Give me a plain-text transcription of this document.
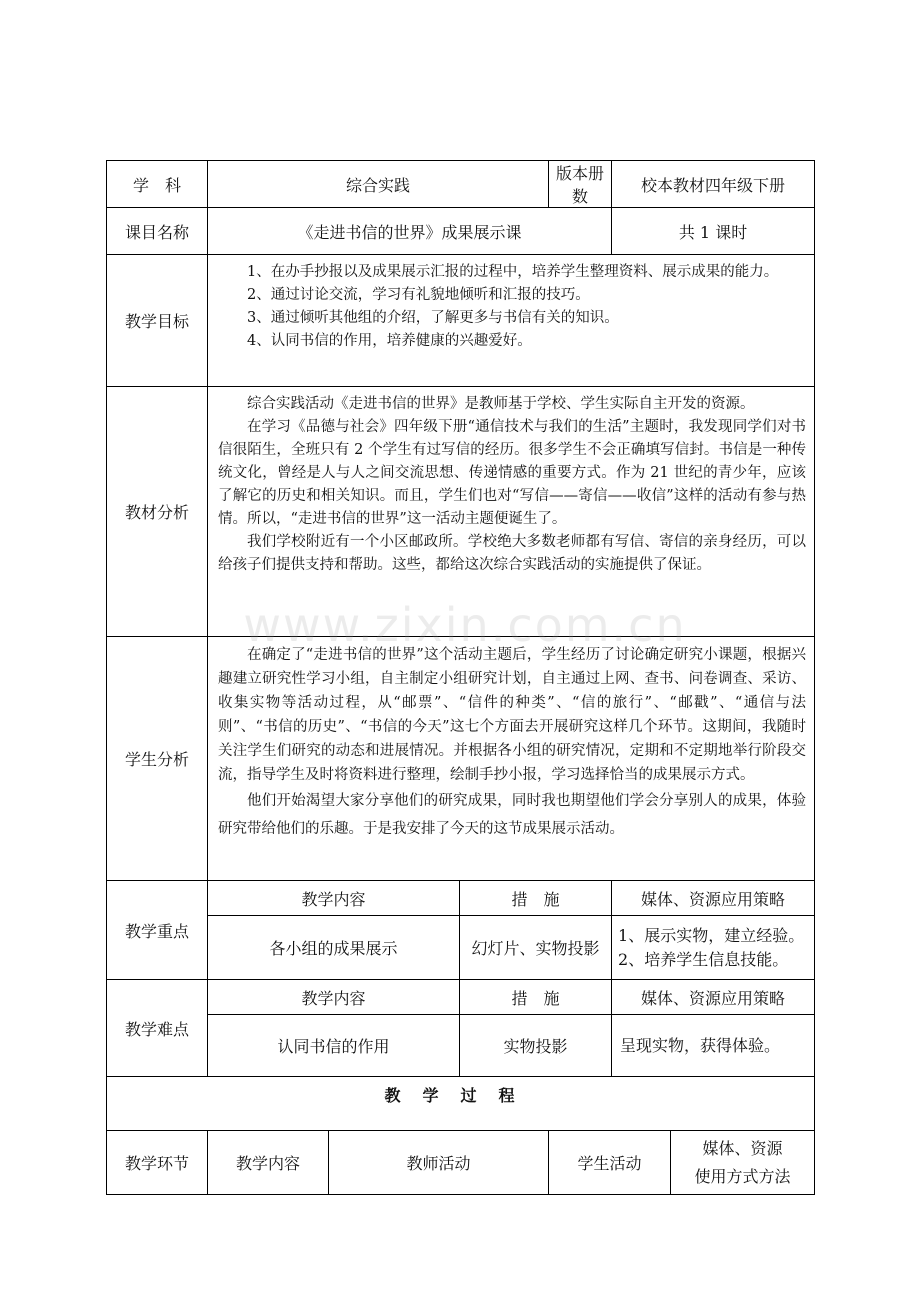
www.zixin.com.cn
学　科	综合实践			版本册数	校本教材四年级下册	
课目名称	《走进书信的世界》成果展示课				共 1 课时	
教学目标	1、在办手抄报以及成果展示汇报的过程中，培养学生整理资料、展示成果的能力。

2、通过讨论交流，学习有礼貌地倾听和汇报的技巧。

3、通过倾听其他组的介绍，了解更多与书信有关的知识。

4、认同书信的作用，培养健康的兴趣爱好。					

教材分析	综合实践活动《走进书信的世界》是教师基于学校、学生实际自主开发的资源。

在学习《品德与社会》四年级下册“通信技术与我们的生活”主题时，我发现同学们对书信很陌生，全班只有 2 个学生有过写信的经历。很多学生不会正确填写信封。书信是一种传统文化，曾经是人与人之间交流思想、传递情感的重要方式。作为 21 世纪的青少年，应该了解它的历史和相关知识。而且，学生们也对“写信——寄信——收信”这样的活动有参与热情。所以，“走进书信的世界”这一活动主题便诞生了。

我们学校附近有一个小区邮政所。学校绝大多数老师都有写信、寄信的亲身经历，可以给孩子们提供支持和帮助。这些，都给这次综合实践活动的实施提供了保证。					

学生分析	在确定了“走进书信的世界”这个活动主题后，学生经历了讨论确定研究小课题，根据兴趣建立研究性学习小组，自主制定小组研究计划，自主通过上网、查书、问卷调查、采访、收集实物等活动过程，从“邮票”、“信件的种类”、“信的旅行”、“邮戳”、“通信与法则”、“书信的历史”、“书信的今天”这七个方面去开展研究这样几个环节。这期间，我随时关注学生们研究的动态和进展情况。并根据各小组的研究情况，定期和不定期地举行阶段交流，指导学生及时将资料进行整理，绘制手抄小报，学习选择恰当的成果展示方式。

他们开始渴望大家分享他们的研究成果，同时我也期望他们学会分享别人的成果，体验研究带给他们的乐趣。于是我安排了今天的这节成果展示活动。					

教学重点	教学内容		措　施		媒体、资源应用策略	
	各小组的成果展示		幻灯片、实物投影		1、展示实物，建立经验。
2、培养学生信息技能。	

教学难点	教学内容		措　施		媒体、资源应用策略	
	认同书信的作用		实物投影		呈现实物，获得体验。	
教学过程						
教学环节	教学内容	教师活动		学生活动		媒体、资源
使用方式方法
